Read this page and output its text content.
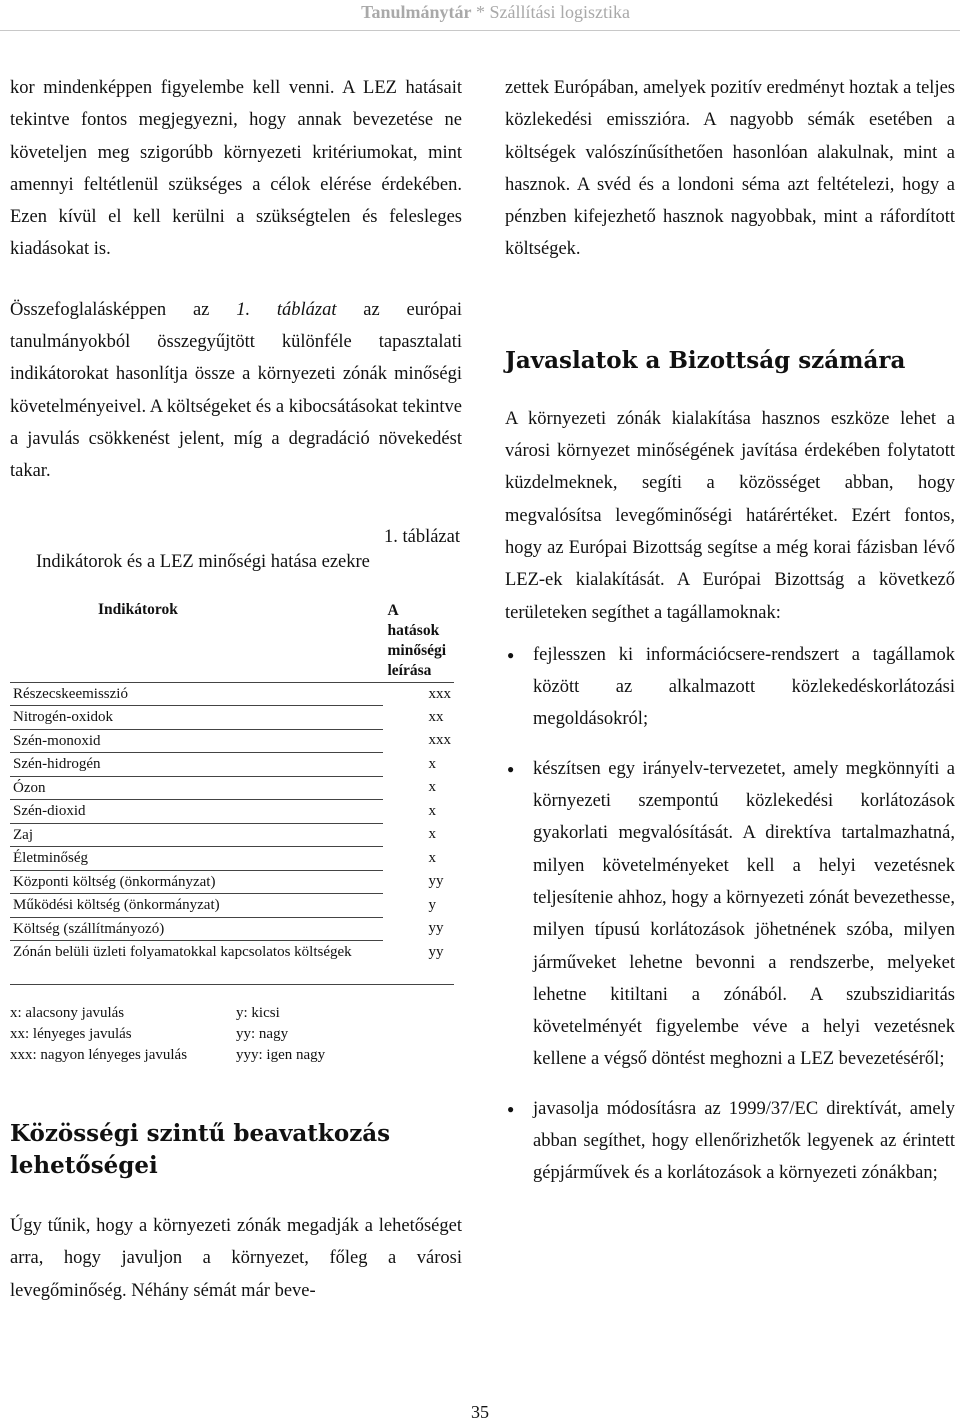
Tanulmánytár * Szállítási logisztika

kor mindenképpen figyelembe kell venni. A LEZ hatásait tekintve fontos megjegyezni, hogy annak bevezetése ne követeljen meg szigorúbb környezeti kritériumokat, mint amennyi feltétlenül szükséges a célok elérése érdekében. Ezen kívül el kell kerülni a szükségtelen és felesleges kiadásokat is.

Összefoglalásképpen az 1. táblázat az európai tanulmányokból összegyűjtött különféle tapasztalati indikátorokat hasonlítja össze a környezeti zónák minőségi követelményeivel. A költségeket és a kibocsátásokat tekintve a javulás csökkenést jelent, míg a degradáció növekedést takar.

1. táblázat
Indikátorok és a LEZ minőségi hatása ezekre
Indikátorok	A hatások minőségi leírása
Részecskeemisszió	xxx
Nitrogén-oxidok	xx
Szén-monoxid	xxx
Szén-hidrogén	x
Ózon	x
Szén-dioxid	x
Zaj	x
Életminőség	x
Központi költség (önkormányzat)	yy
Működési költség (önkormányzat)	y
Költség (szállítmányozó)	yy
Zónán belüli üzleti folyamatokkal kapcsolatos költségek	yy
x: alacsony javulás	y: kicsi
xx: lényeges javulás	yy: nagy
xxx: nagyon lényeges javulás	yyy: igen nagy
Közösségi szintű beavatkozás lehetőségei

Úgy tűnik, hogy a környezeti zónák megadják a lehetőséget arra, hogy javuljon a környezet, főleg a városi levegőminőség. Néhány sémát már beve-

zettek Európában, amelyek pozitív eredményt hoztak a teljes közlekedési emisszióra. A nagyobb sémák esetében a költségek valószínűsíthetően hasonlóan alakulnak, mint a hasznok. A svéd és a londoni séma azt feltételezi, hogy a pénzben kifejezhető hasznok nagyobbak, mint a ráfordított költségek.

Javaslatok a Bizottság számára

A környezeti zónák kialakítása hasznos eszköze lehet a városi környezet minőségének javítása érdekében folytatott küzdelmeknek, segíti a közösséget abban, hogy megvalósítsa levegőminőségi határértéket. Ezért fontos, hogy az Európai Bizottság segítse a még korai fázisban lévő LEZ-ek kialakítását. A Európai Bizottság a következő területeken segíthet a tagállamoknak:

● fejlesszen ki információcsere-rendszert a tagállamok között az alkalmazott közlekedéskorlátozási megoldásokról;
● készítsen egy irányelv-tervezetet, amely megkönnyíti a környezeti szempontú közlekedési korlátozások gyakorlati megvalósítását. A direktíva tartalmazhatná, milyen követelményeket kell a helyi vezetésnek teljesítenie ahhoz, hogy a környezeti zónát bevezethesse, milyen típusú korlátozások jöhetnének szóba, milyen járműveket lehetne bevonni a rendszerbe, melyeket lehetne kitiltani a zónából. A szubszidiaritás követelményét figyelembe véve a helyi vezetésnek kellene a végső döntést meghozni a LEZ bevezetéséről;
● javasolja módosításra az 1999/37/EC direktívát, amely abban segíthet, hogy ellenőrizhetők legyenek az érintett gépjárművek és a korlátozások a környezeti zónákban;
35
